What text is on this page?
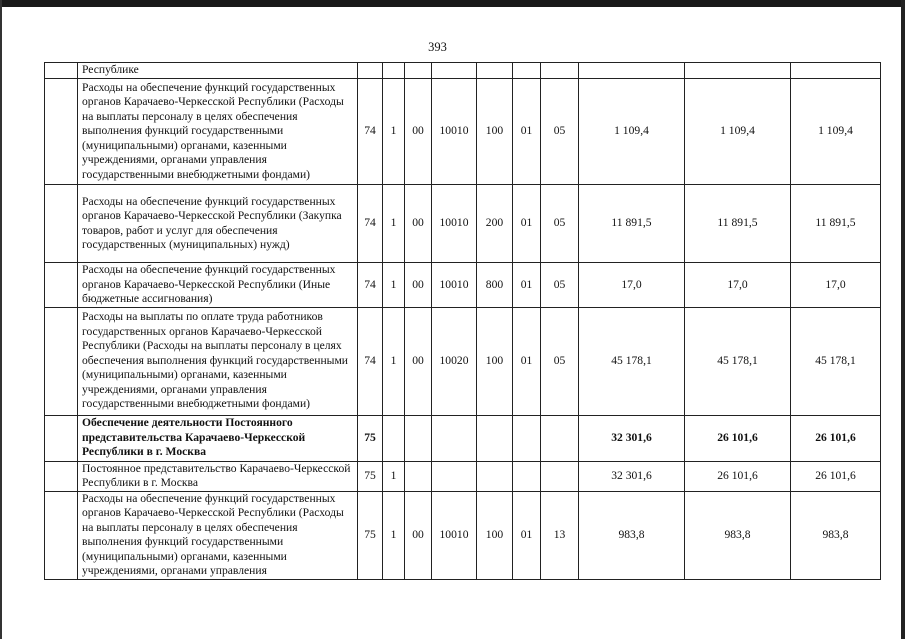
393
	Республике										
	Расходы на обеспечение функций государственных органов Карачаево-Черкесской Республики (Расходы на выплаты персоналу в целях обеспечения выполнения функций государственными (муниципальными) органами, казенными учреждениями, органами управления государственными внебюджетными фондами)	74	1	00	10010	100	01	05	1 109,4	1 109,4	1 109,4
	Расходы на обеспечение функций государственных органов Карачаево-Черкесской Республики (Закупка товаров, работ и услуг для обеспечения государственных (муниципальных) нужд)	74	1	00	10010	200	01	05	11 891,5	11 891,5	11 891,5
	Расходы на обеспечение функций государственных органов Карачаево-Черкесской Республики (Иные бюджетные ассигнования)	74	1	00	10010	800	01	05	17,0	17,0	17,0
	Расходы на выплаты по оплате труда работников государственных органов Карачаево-Черкесской Республики (Расходы на выплаты персоналу в целях обеспечения выполнения функций государственными (муниципальными) органами, казенными учреждениями, органами управления государственными внебюджетными фондами)	74	1	00	10020	100	01	05	45 178,1	45 178,1	45 178,1
	Обеспечение деятельности Постоянного представительства Карачаево-Черкесской Республики в г. Москва	75							32 301,6	26 101,6	26 101,6
	Постоянное представительство Карачаево-Черкесской Республики в г. Москва	75	1						32 301,6	26 101,6	26 101,6
	Расходы на обеспечение функций государственных органов Карачаево-Черкесской Республики (Расходы на выплаты персоналу в целях обеспечения выполнения функций государственными (муниципальными) органами, казенными учреждениями, органами управления	75	1	00	10010	100	01	13	983,8	983,8	983,8
